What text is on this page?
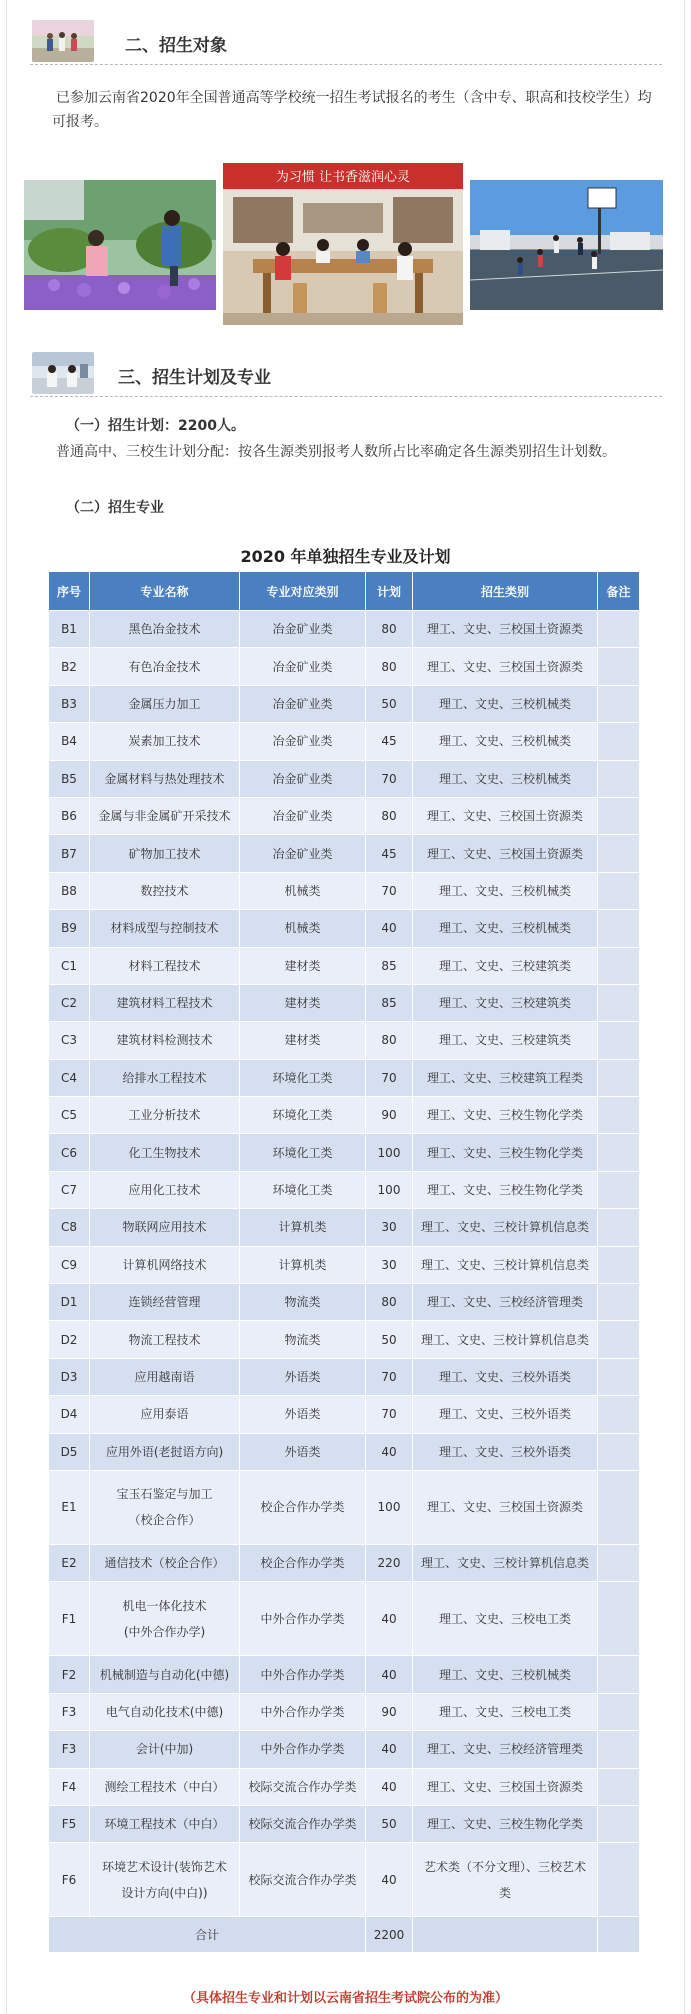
二、招生对象
已参加云南省2020年全国普通高等学校统一招生考试报名的考生（含中专、职高和技校学生）均可报考。
为习惯 让书香滋润心灵
三、招生计划及专业
（一）招生计划：2200人。
普通高中、三校生计划分配：按各生源类别报考人数所占比率确定各生源类别招生计划数。
（二）招生专业
2020 年单独招生专业及计划
序号	专业名称	专业对应类别	计划	招生类别	备注
B1	黑色冶金技术	冶金矿业类	80	理工、文史、三校国土资源类	
B2	有色冶金技术	冶金矿业类	80	理工、文史、三校国土资源类	
B3	金属压力加工	冶金矿业类	50	理工、文史、三校机械类	
B4	炭素加工技术	冶金矿业类	45	理工、文史、三校机械类	
B5	金属材料与热处理技术	冶金矿业类	70	理工、文史、三校机械类	
B6	金属与非金属矿开采技术	冶金矿业类	80	理工、文史、三校国土资源类	
B7	矿物加工技术	冶金矿业类	45	理工、文史、三校国土资源类	
B8	数控技术	机械类	70	理工、文史、三校机械类	
B9	材料成型与控制技术	机械类	40	理工、文史、三校机械类	
C1	材料工程技术	建材类	85	理工、文史、三校建筑类	
C2	建筑材料工程技术	建材类	85	理工、文史、三校建筑类	
C3	建筑材料检测技术	建材类	80	理工、文史、三校建筑类	
C4	给排水工程技术	环境化工类	70	理工、文史、三校建筑工程类	
C5	工业分析技术	环境化工类	90	理工、文史、三校生物化学类	
C6	化工生物技术	环境化工类	100	理工、文史、三校生物化学类	
C7	应用化工技术	环境化工类	100	理工、文史、三校生物化学类	
C8	物联网应用技术	计算机类	30	理工、文史、三校计算机信息类	
C9	计算机网络技术	计算机类	30	理工、文史、三校计算机信息类	
D1	连锁经营管理	物流类	80	理工、文史、三校经济管理类	
D2	物流工程技术	物流类	50	理工、文史、三校计算机信息类	
D3	应用越南语	外语类	70	理工、文史、三校外语类	
D4	应用泰语	外语类	70	理工、文史、三校外语类	
D5	应用外语(老挝语方向)	外语类	40	理工、文史、三校外语类	
E1	宝玉石鉴定与加工
（校企合作）	校企合作办学类	100	理工、文史、三校国土资源类	
E2	通信技术（校企合作）	校企合作办学类	220	理工、文史、三校计算机信息类	
F1	机电一体化技术
(中外合作办学)	中外合作办学类	40	理工、文史、三校电工类	
F2	机械制造与自动化(中德)	中外合作办学类	40	理工、文史、三校机械类	
F3	电气自动化技术(中德)	中外合作办学类	90	理工、文史、三校电工类	
F3	会计(中加)	中外合作办学类	40	理工、文史、三校经济管理类	
F4	测绘工程技术（中白）	校际交流合作办学类	40	理工、文史、三校国土资源类	
F5	环境工程技术（中白）	校际交流合作办学类	50	理工、文史、三校生物化学类	
F6	环境艺术设计(装饰艺术
设计方向(中白))	校际交流合作办学类	40	艺术类（不分文理）、三校艺术
类	
合计			2200		
（具体招生专业和计划以云南省招生考试院公布的为准）
